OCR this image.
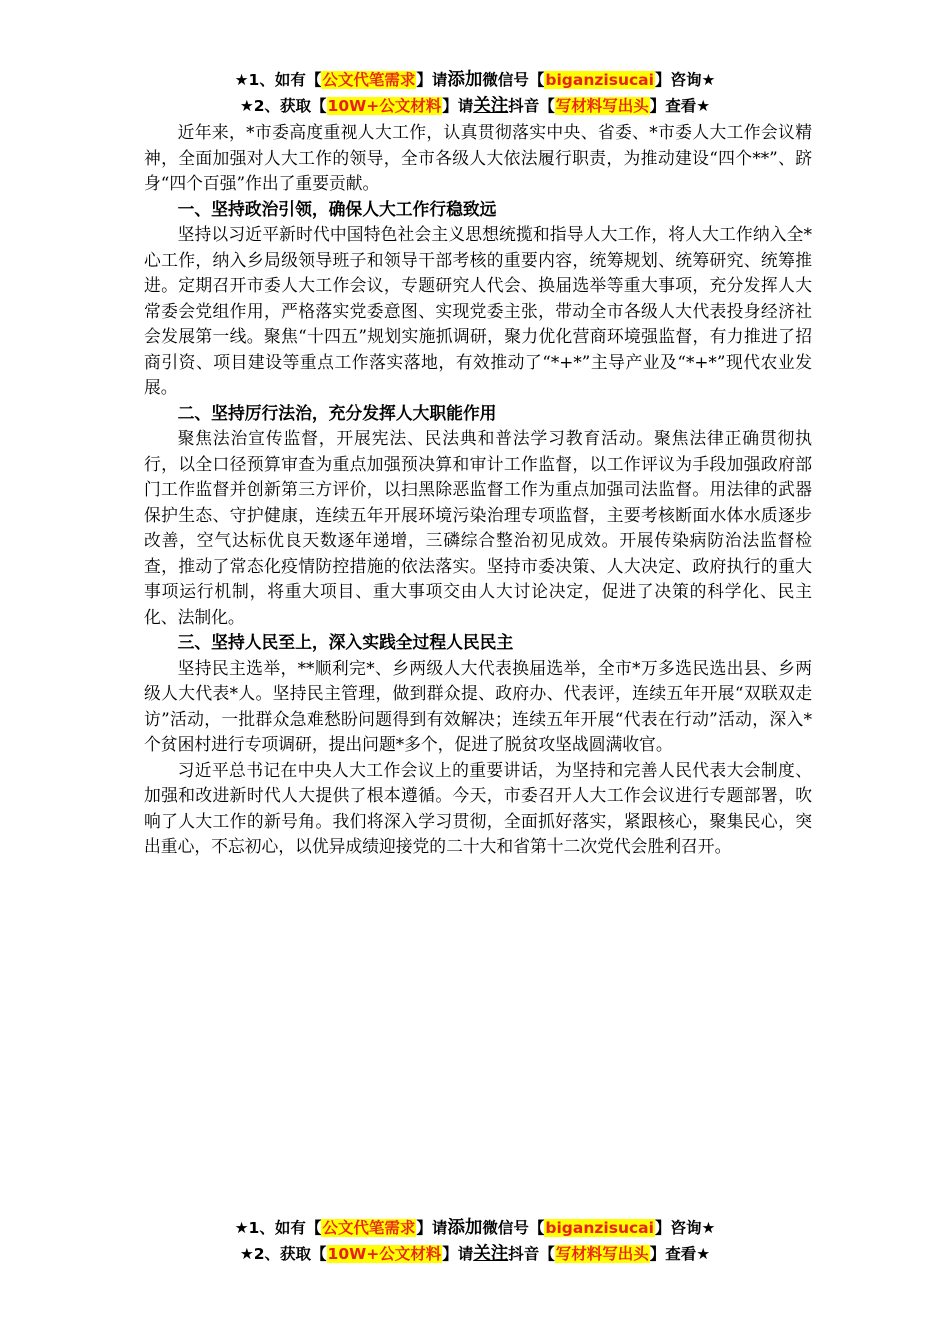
★1、如有【公文代笔需求】请添加微信号【biganzisucai】咨询★
★2、获取【10W+公文材料】请关注抖音【写材料写出头】查看★

近年来，*市委高度重视人大工作，认真贯彻落实中央、省委、*市委人大工作会议精神，全面加强对人大工作的领导，全市各级人大依法履行职责，为推动建设“四个**”、跻身“四个百强”作出了重要贡献。

一、坚持政治引领，确保人大工作行稳致远

坚持以习近平新时代中国特色社会主义思想统揽和指导人大工作，将人大工作纳入全*心工作，纳入乡局级领导班子和领导干部考核的重要内容，统筹规划、统筹研究、统筹推进。定期召开市委人大工作会议，专题研究人代会、换届选举等重大事项，充分发挥人大常委会党组作用，严格落实党委意图、实现党委主张，带动全市各级人大代表投身经济社会发展第一线。聚焦“十四五”规划实施抓调研，聚力优化营商环境强监督，有力推进了招商引资、项目建设等重点工作落实落地，有效推动了“*+*”主导产业及“*+*”现代农业发展。

二、坚持厉行法治，充分发挥人大职能作用

聚焦法治宣传监督，开展宪法、民法典和普法学习教育活动。聚焦法律正确贯彻执行，以全口径预算审查为重点加强预决算和审计工作监督，以工作评议为手段加强政府部门工作监督并创新第三方评价，以扫黑除恶监督工作为重点加强司法监督。用法律的武器保护生态、守护健康，连续五年开展环境污染治理专项监督，主要考核断面水体水质逐步改善，空气达标优良天数逐年递增，三磷综合整治初见成效。开展传染病防治法监督检查，推动了常态化疫情防控措施的依法落实。坚持市委决策、人大决定、政府执行的重大事项运行机制，将重大项目、重大事项交由人大讨论决定，促进了决策的科学化、民主化、法制化。

三、坚持人民至上，深入实践全过程人民民主

坚持民主选举，**顺利完*、乡两级人大代表换届选举，全市*万多选民选出县、乡两级人大代表*人。坚持民主管理，做到群众提、政府办、代表评，连续五年开展“双联双走访”活动，一批群众急难愁盼问题得到有效解决；连续五年开展“代表在行动”活动，深入*个贫困村进行专项调研，提出问题*多个，促进了脱贫攻坚战圆满收官。

习近平总书记在中央人大工作会议上的重要讲话，为坚持和完善人民代表大会制度、加强和改进新时代人大提供了根本遵循。今天，市委召开人大工作会议进行专题部署，吹响了人大工作的新号角。我们将深入学习贯彻，全面抓好落实，紧跟核心，聚集民心，突出重心，不忘初心，以优异成绩迎接党的二十大和省第十二次党代会胜利召开。

★1、如有【公文代笔需求】请添加微信号【biganzisucai】咨询★
★2、获取【10W+公文材料】请关注抖音【写材料写出头】查看★
